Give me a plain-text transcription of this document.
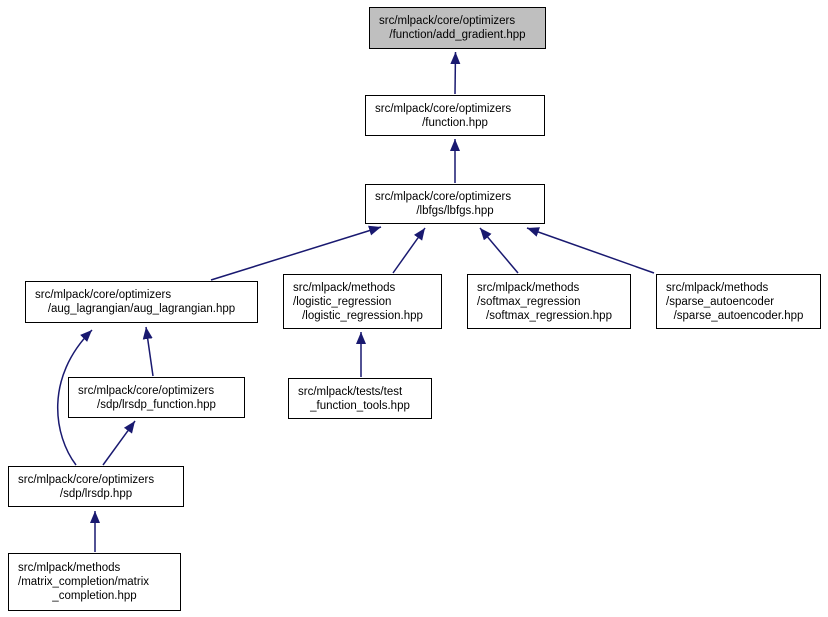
src/mlpack/core/optimizers
/function/add_gradient.hpp
src/mlpack/core/optimizers
/function.hpp
src/mlpack/core/optimizers
/lbfgs/lbfgs.hpp
src/mlpack/core/optimizers
/aug_lagrangian/aug_lagrangian.hpp
src/mlpack/methods
/logistic_regression
/logistic_regression.hpp
src/mlpack/methods
/softmax_regression
/softmax_regression.hpp
src/mlpack/methods
/sparse_autoencoder
/sparse_autoencoder.hpp
src/mlpack/core/optimizers
/sdp/lrsdp_function.hpp
src/mlpack/tests/test
_function_tools.hpp
src/mlpack/core/optimizers
/sdp/lrsdp.hpp
src/mlpack/methods
/matrix_completion/matrix
_completion.hpp
